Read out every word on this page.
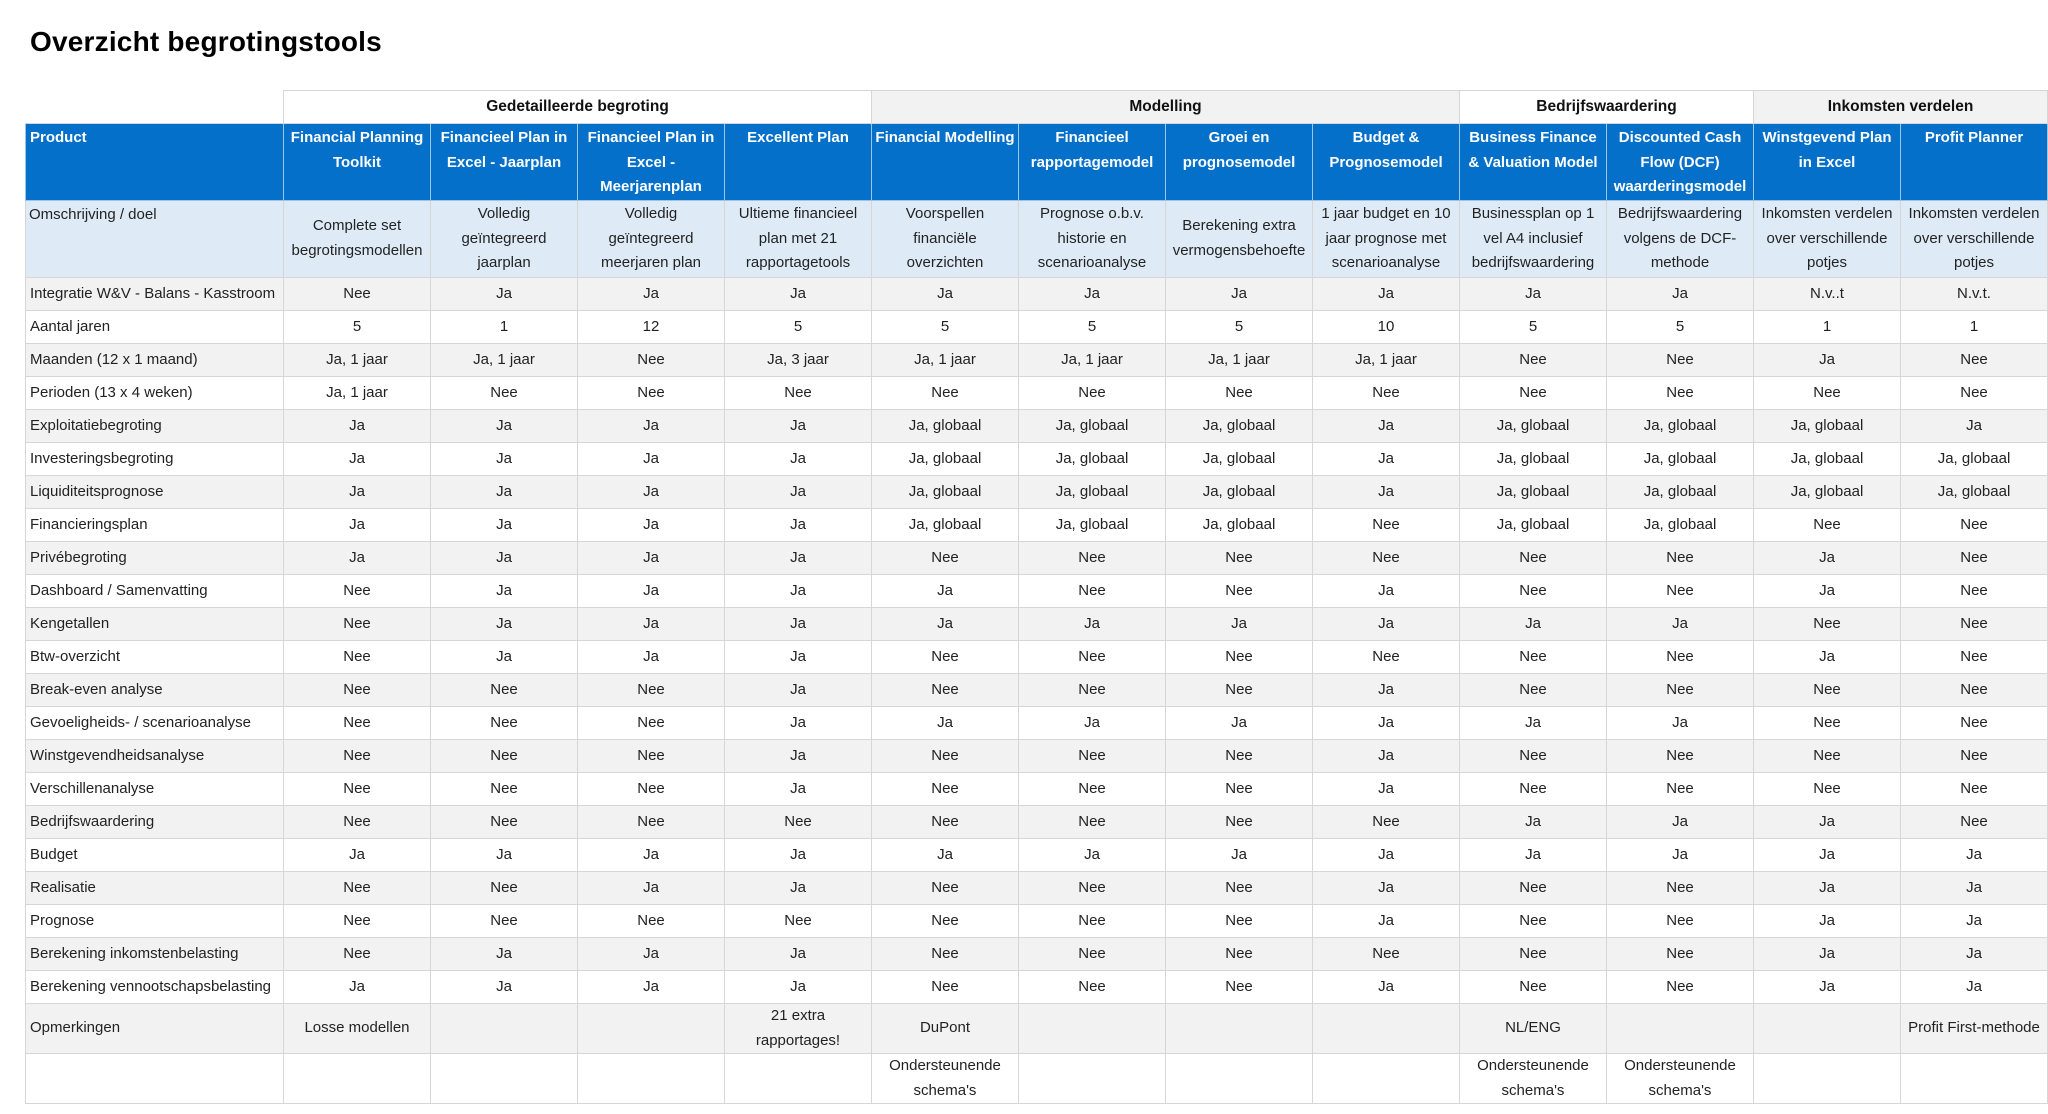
Overzicht begrotingstools
	Gedetailleerde begroting				Modelling				Bedrijfswaardering		Inkomsten verdelen	
Product	Financial Planning Toolkit	Financieel Plan in Excel - Jaarplan	Financieel Plan in Excel - Meerjarenplan	Excellent Plan	Financial Modelling	Financieel rapportagemodel	Groei en prognosemodel	Budget & Prognosemodel	Business Finance & Valuation Model	Discounted Cash Flow (DCF) waarderingsmodel	Winstgevend Plan in Excel	Profit Planner
Omschrijving / doel	Complete set begrotingsmodellen	Volledig geïntegreerd jaarplan	Volledig geïntegreerd meerjaren plan	Ultieme financieel plan met 21 rapportagetools	Voorspellen financiële overzichten	Prognose o.b.v. historie en scenarioanalyse	Berekening extra vermogensbehoefte	1 jaar budget en 10 jaar prognose met scenarioanalyse	Businessplan op 1 vel A4 inclusief bedrijfswaardering	Bedrijfswaardering volgens de DCF-methode	Inkomsten verdelen over verschillende potjes	Inkomsten verdelen over verschillende potjes
Integratie W&V - Balans - Kasstroom	Nee	Ja	Ja	Ja	Ja	Ja	Ja	Ja	Ja	Ja	N.v..t	N.v.t.
Aantal jaren	5	1	12	5	5	5	5	10	5	5	1	1
Maanden (12 x 1 maand)	Ja, 1 jaar	Ja, 1 jaar	Nee	Ja, 3 jaar	Ja, 1 jaar	Ja, 1 jaar	Ja, 1 jaar	Ja, 1 jaar	Nee	Nee	Ja	Nee
Perioden (13 x 4 weken)	Ja, 1 jaar	Nee	Nee	Nee	Nee	Nee	Nee	Nee	Nee	Nee	Nee	Nee
Exploitatiebegroting	Ja	Ja	Ja	Ja	Ja, globaal	Ja, globaal	Ja, globaal	Ja	Ja, globaal	Ja, globaal	Ja, globaal	Ja
Investeringsbegroting	Ja	Ja	Ja	Ja	Ja, globaal	Ja, globaal	Ja, globaal	Ja	Ja, globaal	Ja, globaal	Ja, globaal	Ja, globaal
Liquiditeitsprognose	Ja	Ja	Ja	Ja	Ja, globaal	Ja, globaal	Ja, globaal	Ja	Ja, globaal	Ja, globaal	Ja, globaal	Ja, globaal
Financieringsplan	Ja	Ja	Ja	Ja	Ja, globaal	Ja, globaal	Ja, globaal	Nee	Ja, globaal	Ja, globaal	Nee	Nee
Privébegroting	Ja	Ja	Ja	Ja	Nee	Nee	Nee	Nee	Nee	Nee	Ja	Nee
Dashboard / Samenvatting	Nee	Ja	Ja	Ja	Ja	Nee	Nee	Ja	Nee	Nee	Ja	Nee
Kengetallen	Nee	Ja	Ja	Ja	Ja	Ja	Ja	Ja	Ja	Ja	Nee	Nee
Btw-overzicht	Nee	Ja	Ja	Ja	Nee	Nee	Nee	Nee	Nee	Nee	Ja	Nee
Break-even analyse	Nee	Nee	Nee	Ja	Nee	Nee	Nee	Ja	Nee	Nee	Nee	Nee
Gevoeligheids- / scenarioanalyse	Nee	Nee	Nee	Ja	Ja	Ja	Ja	Ja	Ja	Ja	Nee	Nee
Winstgevendheidsanalyse	Nee	Nee	Nee	Ja	Nee	Nee	Nee	Ja	Nee	Nee	Nee	Nee
Verschillenanalyse	Nee	Nee	Nee	Ja	Nee	Nee	Nee	Ja	Nee	Nee	Nee	Nee
Bedrijfswaardering	Nee	Nee	Nee	Nee	Nee	Nee	Nee	Nee	Ja	Ja	Ja	Nee
Budget	Ja	Ja	Ja	Ja	Ja	Ja	Ja	Ja	Ja	Ja	Ja	Ja
Realisatie	Nee	Nee	Ja	Ja	Nee	Nee	Nee	Ja	Nee	Nee	Ja	Ja
Prognose	Nee	Nee	Nee	Nee	Nee	Nee	Nee	Ja	Nee	Nee	Ja	Ja
Berekening inkomstenbelasting	Nee	Ja	Ja	Ja	Nee	Nee	Nee	Nee	Nee	Nee	Ja	Ja
Berekening vennootschapsbelasting	Ja	Ja	Ja	Ja	Nee	Nee	Nee	Ja	Nee	Nee	Ja	Ja
Opmerkingen	Losse modellen			21 extra rapportages!	DuPont				NL/ENG			Profit First-methode
					Ondersteunende schema's				Ondersteunende schema's	Ondersteunende schema's		
